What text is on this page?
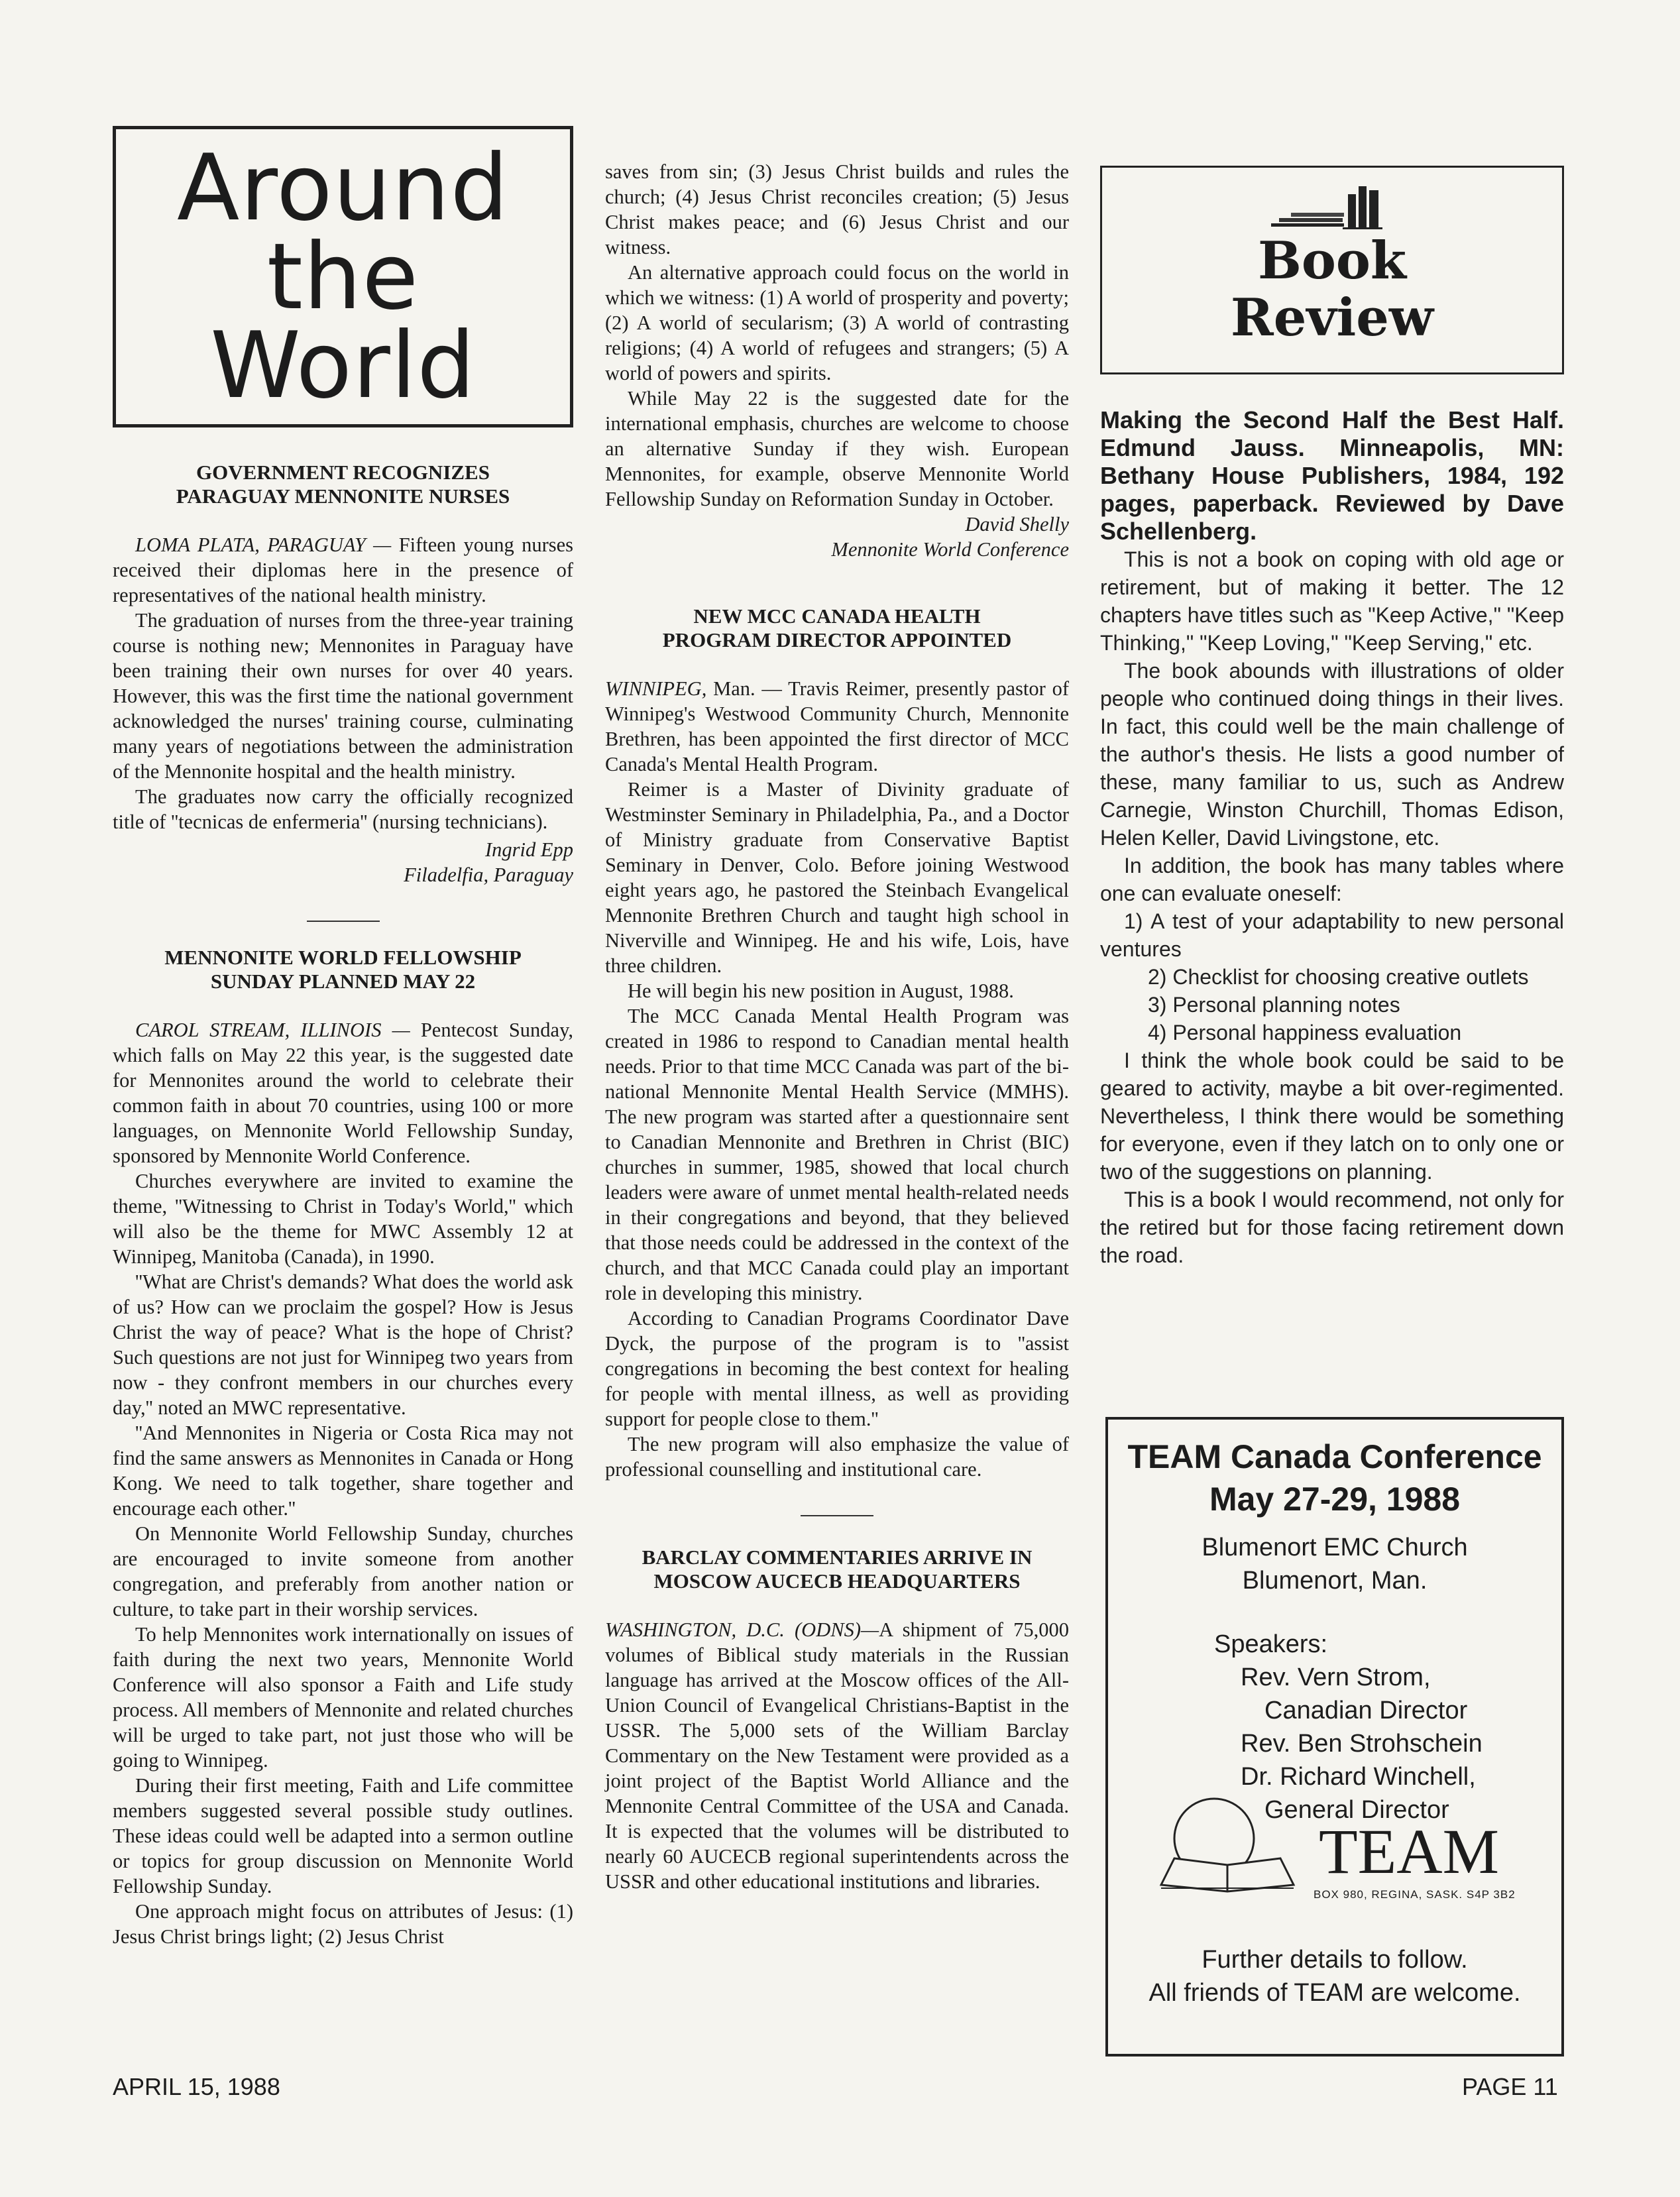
Around
the
World
GOVERNMENT RECOGNIZES
PARAGUAY MENNONITE NURSES

LOMA PLATA, PARAGUAY — Fifteen young nurses received their diplomas here in the presence of representatives of the national health ministry.

The graduation of nurses from the three-year training course is nothing new; Mennonites in Paraguay have been training their own nurses for over 40 years. However, this was the first time the national government acknowledged the nurses' training course, culminating many years of negotiations between the administration of the Mennonite hospital and the health ministry.

The graduates now carry the officially recognized title of ''tecnicas de enfermeria'' (nursing technicians).

Ingrid Epp
Filadelfia, Paraguay
MENNONITE WORLD FELLOWSHIP
SUNDAY PLANNED MAY 22

CAROL STREAM, ILLINOIS — Pentecost Sunday, which falls on May 22 this year, is the suggested date for Mennonites around the world to celebrate their common faith in about 70 countries, using 100 or more languages, on Mennonite World Fellowship Sunday, sponsored by Mennonite World Conference.

Churches everywhere are invited to examine the theme, ''Witnessing to Christ in Today's World,'' which will also be the theme for MWC Assembly 12 at Winnipeg, Manitoba (Canada), in 1990.

''What are Christ's demands? What does the world ask of us? How can we proclaim the gospel? How is Jesus Christ the way of peace? What is the hope of Christ? Such questions are not just for Winnipeg two years from now - they confront members in our churches every day,'' noted an MWC representative.

''And Mennonites in Nigeria or Costa Rica may not find the same answers as Mennonites in Canada or Hong Kong. We need to talk together, share together and encourage each other.''

On Mennonite World Fellowship Sunday, churches are encouraged to invite someone from another congregation, and preferably from another nation or culture, to take part in their worship services.

To help Mennonites work internationally on issues of faith during the next two years, Mennonite World Conference will also sponsor a Faith and Life study process. All members of Mennonite and related churches will be urged to take part, not just those who will be going to Winnipeg.

During their first meeting, Faith and Life committee members suggested several possible study outlines. These ideas could well be adapted into a sermon outline or topics for group discussion on Mennonite World Fellowship Sunday.

One approach might focus on attributes of Jesus: (1) Jesus Christ brings light; (2) Jesus Christ

saves from sin; (3) Jesus Christ builds and rules the church; (4) Jesus Christ reconciles creation; (5) Jesus Christ makes peace; and (6) Jesus Christ and our witness.

An alternative approach could focus on the world in which we witness: (1) A world of prosperity and poverty; (2) A world of secularism; (3) A world of contrasting religions; (4) A world of refugees and strangers; (5) A world of powers and spirits.

While May 22 is the suggested date for the international emphasis, churches are welcome to choose an alternative Sunday if they wish. European Mennonites, for example, observe Mennonite World Fellowship Sunday on Reformation Sunday in October.

David Shelly
Mennonite World Conference
NEW MCC CANADA HEALTH
PROGRAM DIRECTOR APPOINTED

WINNIPEG, Man. — Travis Reimer, presently pastor of Winnipeg's Westwood Community Church, Mennonite Brethren, has been appointed the first director of MCC Canada's Mental Health Program.

Reimer is a Master of Divinity graduate of Westminster Seminary in Philadelphia, Pa., and a Doctor of Ministry graduate from Conservative Baptist Seminary in Denver, Colo. Before joining Westwood eight years ago, he pastored the Steinbach Evangelical Mennonite Brethren Church and taught high school in Niverville and Winnipeg. He and his wife, Lois, have three children.

He will begin his new position in August, 1988.

The MCC Canada Mental Health Program was created in 1986 to respond to Canadian mental health needs. Prior to that time MCC Canada was part of the bi-national Mennonite Mental Health Service (MMHS). The new program was started after a questionnaire sent to Canadian Mennonite and Brethren in Christ (BIC) churches in summer, 1985, showed that local church leaders were aware of unmet mental health-related needs in their congregations and beyond, that they believed that those needs could be addressed in the context of the church, and that MCC Canada could play an important role in developing this ministry.

According to Canadian Programs Coordinator Dave Dyck, the purpose of the program is to ''assist congregations in becoming the best context for healing for people with mental illness, as well as providing support for people close to them.''

The new program will also emphasize the value of professional counselling and institutional care.

BARCLAY COMMENTARIES ARRIVE IN
MOSCOW AUCECB HEADQUARTERS

WASHINGTON, D.C. (ODNS)—A shipment of 75,000 volumes of Biblical study materials in the Russian language has arrived at the Moscow offices of the All-Union Council of Evangelical Christians-Baptist in the USSR. The 5,000 sets of the William Barclay Commentary on the New Testament were provided as a joint project of the Baptist World Alliance and the Mennonite Central Committee of the USA and Canada. It is expected that the volumes will be distributed to nearly 60 AUCECB regional superintendents across the USSR and other educational institutions and libraries.

Book
Review
Making the Second Half the Best Half. Edmund Jauss. Minneapolis, MN: Bethany House Publishers, 1984, 192 pages, paperback. Reviewed by Dave Schellenberg.

This is not a book on coping with old age or retirement, but of making it better. The 12 chapters have titles such as "Keep Active," "Keep Thinking," "Keep Loving," "Keep Serving," etc.

The book abounds with illustrations of older people who continued doing things in their lives. In fact, this could well be the main challenge of the author's thesis. He lists a good number of these, many familiar to us, such as Andrew Carnegie, Winston Churchill, Thomas Edison, Helen Keller, David Livingstone, etc.

In addition, the book has many tables where one can evaluate oneself:

1) A test of your adaptability to new personal ventures

2) Checklist for choosing creative outlets

3) Personal planning notes

4) Personal happiness evaluation

I think the whole book could be said to be geared to activity, maybe a bit over-regimented. Nevertheless, I think there would be something for everyone, even if they latch on to only one or two of the suggestions on planning.

This is a book I would recommend, not only for the retired but for those facing retirement down the road.

TEAM Canada Conference
May 27-29, 1988
Blumenort EMC Church
Blumenort, Man.
Speakers:
Rev. Vern Strom,
Canadian Director
Rev. Ben Strohschein
Dr. Richard Winchell,
General Director
TEAM
BOX 980, REGINA, SASK. S4P 3B2
Further details to follow.
All friends of TEAM are welcome.
APRIL 15, 1988	PAGE 11
